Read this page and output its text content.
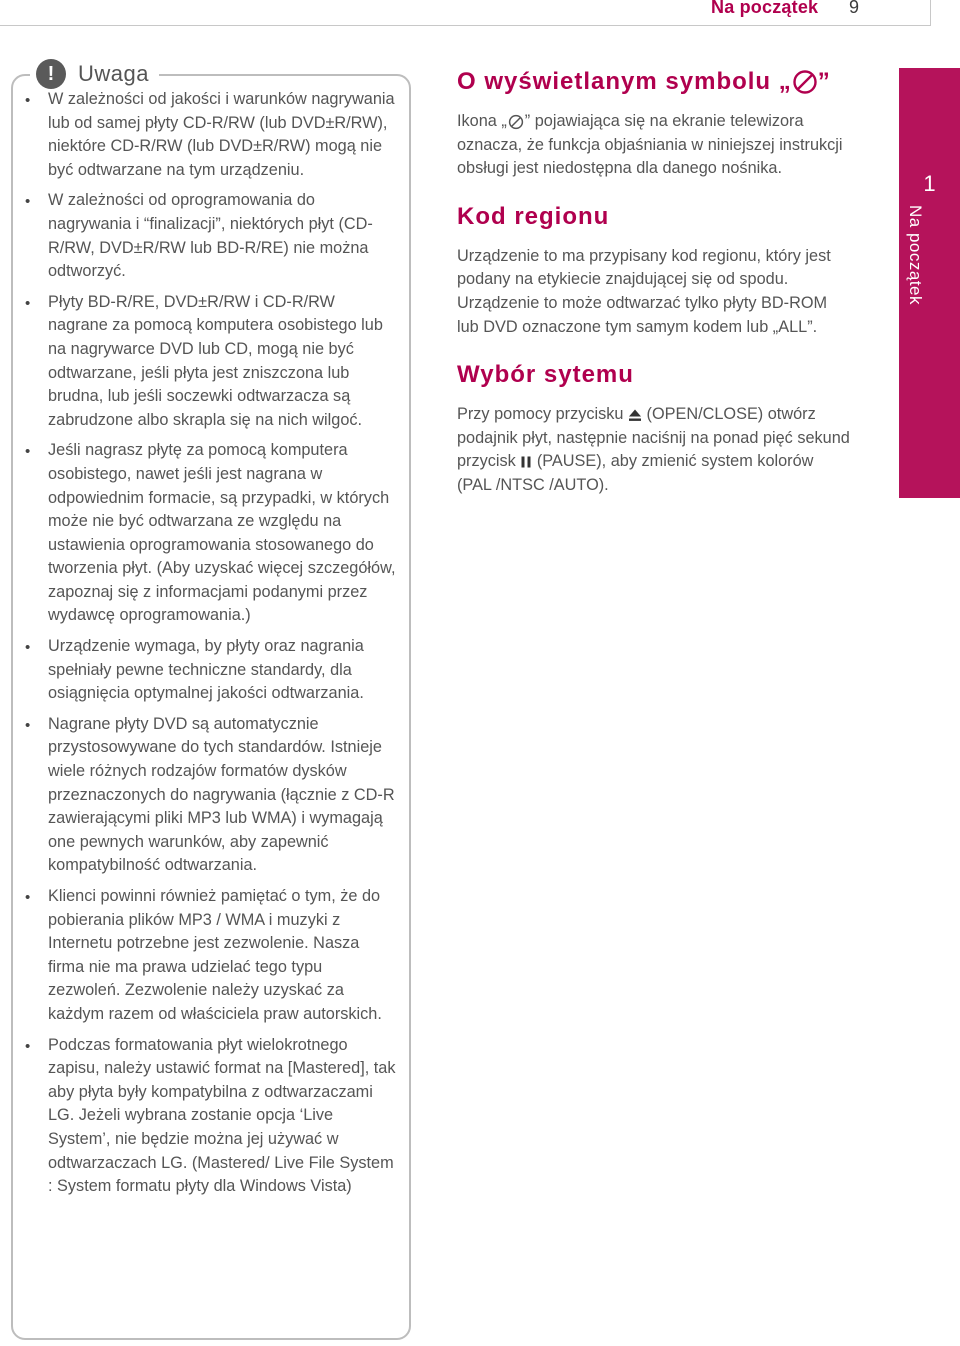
Na początek 9
!	Uwaga
• W zależności od jakości i warunków nagrywania lub od samej płyty CD-R/RW (lub DVD±R/RW), niektóre CD-R/RW (lub DVD±R/RW) mogą nie być odtwarzane na tym urządzeniu.
• W zależności od oprogramowania do nagrywania i “finalizacji”, niektórych płyt (CD-R/RW, DVD±R/RW lub BD-R/RE) nie można odtworzyć.
• Płyty BD-R/RE, DVD±R/RW i CD-R/RW nagrane za pomocą komputera osobistego lub na nagrywarce DVD lub CD, mogą nie być odtwarzane, jeśli płyta jest zniszczona lub brudna, lub jeśli soczewki odtwarzacza są zabrudzone albo skrapla się na nich wilgoć.
• Jeśli nagrasz płytę za pomocą komputera osobistego, nawet jeśli jest nagrana w odpowiednim formacie, są przypadki, w których może nie być odtwarzana ze względu na ustawienia oprogramowania stosowanego do tworzenia płyt. (Aby uzyskać więcej szczegółów, zapoznaj się z informacjami podanymi przez wydawcę oprogramowania.)
• Urządzenie wymaga, by płyty oraz nagrania spełniały pewne techniczne standardy, dla osiągnięcia optymalnej jakości odtwarzania.
• Nagrane płyty DVD są automatycznie przystosowywane do tych standardów. Istnieje wiele różnych rodzajów formatów dysków przeznaczonych do nagrywania (łącznie z CD-R zawierającymi pliki MP3 lub WMA) i wymagają one pewnych warunków, aby zapewnić kompatybilność odtwarzania.
• Klienci powinni również pamiętać o tym, że do pobierania plików MP3 / WMA i muzyki z Internetu potrzebne jest zezwolenie. Nasza firma nie ma prawa udzielać tego typu zezwoleń. Zezwolenie należy uzyskać za każdym razem od właściciela praw autorskich.
• Podczas formatowania płyt wielokrotnego zapisu, należy ustawić format na [Mastered], tak aby płyta były kompatybilna z odtwarzaczami LG. Jeżeli wybrana zostanie opcja ‘Live System’, nie będzie można jej używać w odtwarzaczach LG. (Mastered/ Live File System : System formatu płyty dla Windows Vista)
O wyświetlanym symbolu „ ”

Ikona „ ” pojawiająca się na ekranie telewizora oznacza, że funkcja objaśniania w niniejszej instrukcji obsługi jest niedostępna dla danego nośnika.

Kod regionu

Urządzenie to ma przypisany kod regionu, który jest podany na etykiecie znajdującej się od spodu. Urządzenie to może odtwarzać tylko płyty BD-ROM lub DVD oznaczone tym samym kodem lub „ALL”.

Wybór sytemu

Przy pomocy przycisku  (OPEN/CLOSE) otwórz podajnik płyt, następnie naciśnij na ponad pięć sekund przycisk  (PAUSE), aby zmienić system kolorów (PAL /NTSC /AUTO).

1
Na początek
